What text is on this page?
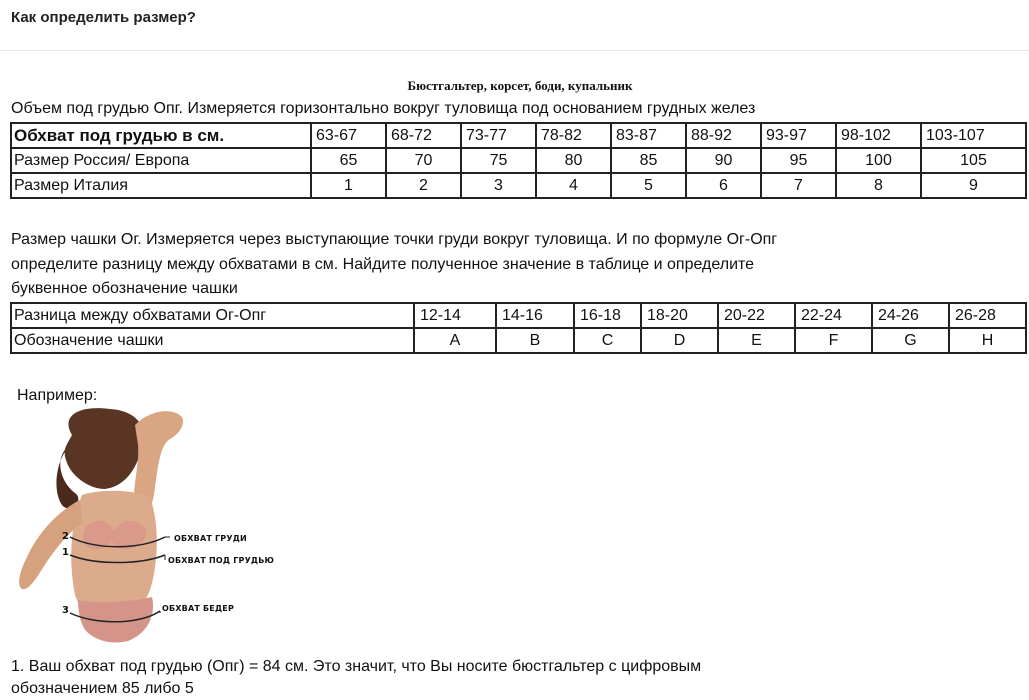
Как определить размер?
Бюстгальтер, корсет, боди, купальник
Объем под грудью Опг. Измеряется горизонтально вокруг туловища под основанием грудных желез
Обхват под грудью в см.	63-67	68-72	73-77	78-82	83-87	88-92	93-97	98-102	103-107
Размер Россия/ Европа	65	70	75	80	85	90	95	100	105
Размер Италия	1	2	3	4	5	6	7	8	9
Размер чашки Ог. Измеряется через выступающие точки груди вокруг туловища. И по формуле Ог-Опг
определите разницу между обхватами в см. Найдите полученное значение в таблице и определите
буквенное обозначение чашки
Разница между обхватами Ог-Опг	12-14	14-16	16-18	18-20	20-22	22-24	24-26	26-28
Обозначение чашки	A	B	C	D	E	F	G	H
Например:
2
1
3
ОБХВАТ ГРУДИ
ОБХВАТ ПОД ГРУДЬЮ
ОБХВАТ БЕДЕР
1. Ваш обхват под грудью (Опг) = 84 см. Это значит, что Вы носите бюстгальтер с цифровым
обозначением 85 либо 5
